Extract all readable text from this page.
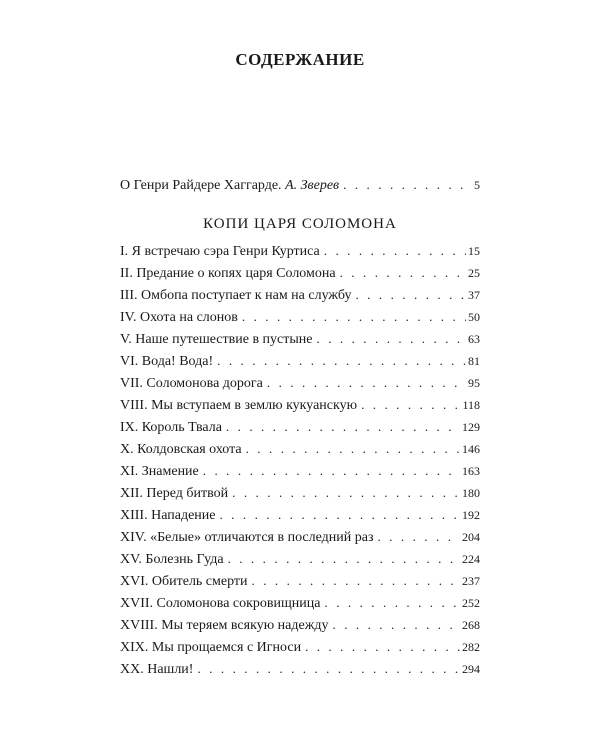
СОДЕРЖАНИЕ
О Генри Райдере Хаггарде. А. Зверев . . .	5
КОПИ ЦАРЯ СОЛОМОНА
I. Я встречаю сэра Генри Куртиса . . .	15
II. Предание о копях царя Соломона . . .	25
III. Омбопа поступает к нам на службу . . .	37
IV. Охота на слонов . . .	50
V. Наше путешествие в пустыне . . .	63
VI. Вода! Вода! . . .	81
VII. Соломонова дорога . . .	95
VIII. Мы вступаем в землю кукуанскую . . .	118
IX. Король Твала . . .	129
X. Колдовская охота . . .	146
XI. Знамение . . .	163
XII. Перед битвой . . .	180
XIII. Нападение . . .	192
XIV. «Белые» отличаются в последний раз . . .	204
XV. Болезнь Гуда . . .	224
XVI. Обитель смерти . . .	237
XVII. Соломонова сокровищница . . .	252
XVIII. Мы теряем всякую надежду . . .	268
XIX. Мы прощаемся с Игноси . . .	282
XX. Нашли! . . .	294
